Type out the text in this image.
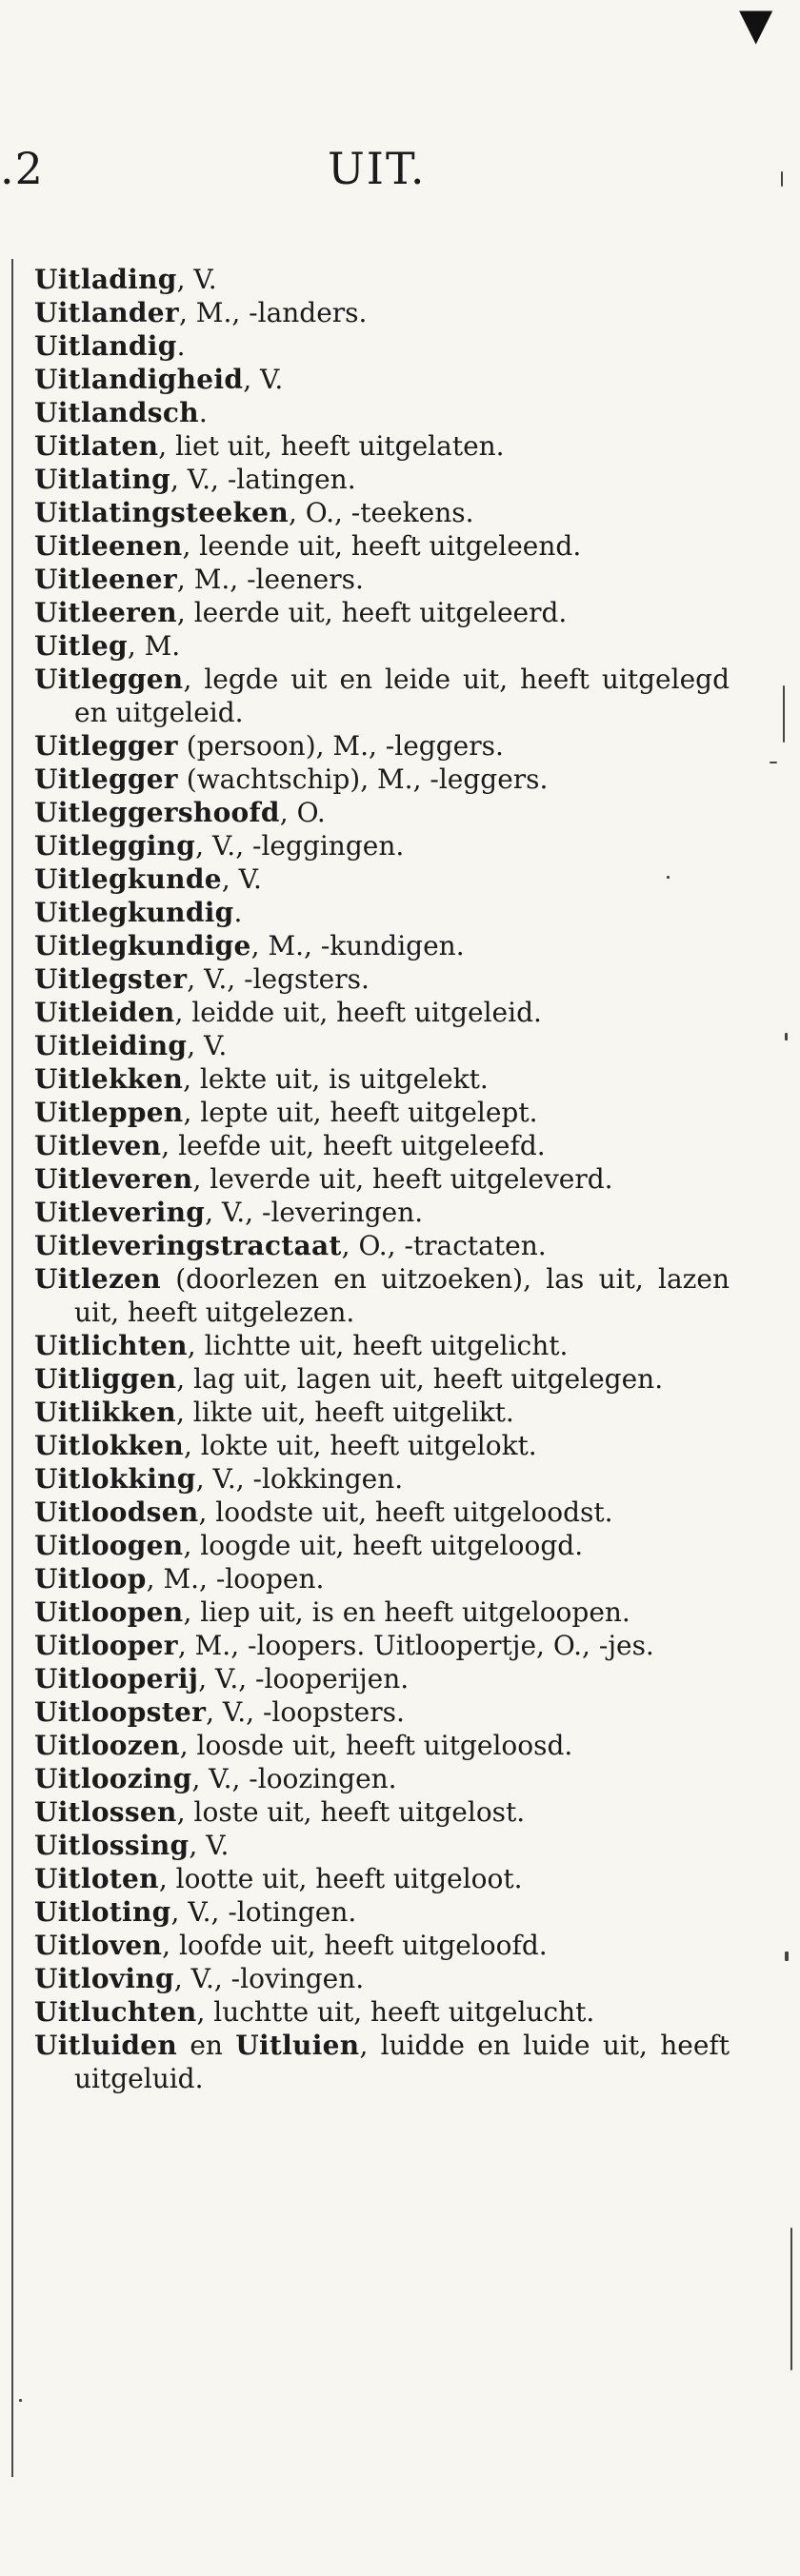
▼
.2	UIT.

Uitlading, V.

Uitlander, M., -landers.

Uitlandig.

Uitlandigheid, V.

Uitlandsch.

Uitlaten, liet uit, heeft uitgelaten.

Uitlating, V., -latingen.

Uitlatingsteeken, O., -teekens.

Uitleenen, leende uit, heeft uitgeleend.

Uitleener, M., -leeners.

Uitleeren, leerde uit, heeft uitgeleerd.

Uitleg, M.

Uitleggen, legde uit en leide uit, heeft uitgelegd en uitgeleid.

Uitlegger (persoon), M., -leggers.

Uitlegger (wachtschip), M., -leggers.

Uitleggershoofd, O.

Uitlegging, V., -leggingen.

Uitlegkunde, V.

Uitlegkundig.

Uitlegkundige, M., -kundigen.

Uitlegster, V., -legsters.

Uitleiden, leidde uit, heeft uitgeleid.

Uitleiding, V.

Uitlekken, lekte uit, is uitgelekt.

Uitleppen, lepte uit, heeft uitgelept.

Uitleven, leefde uit, heeft uitgeleefd.

Uitleveren, leverde uit, heeft uitgeleverd.

Uitlevering, V., -leveringen.

Uitleveringstractaat, O., -tractaten.

Uitlezen (doorlezen en uitzoeken), las uit, lazen uit, heeft uitgelezen.

Uitlichten, lichtte uit, heeft uitgelicht.

Uitliggen, lag uit, lagen uit, heeft uitgelegen.

Uitlikken, likte uit, heeft uitgelikt.

Uitlokken, lokte uit, heeft uitgelokt.

Uitlokking, V., -lokkingen.

Uitloodsen, loodste uit, heeft uitgeloodst.

Uitloogen, loogde uit, heeft uitgeloogd.

Uitloop, M., -loopen.

Uitloopen, liep uit, is en heeft uitgeloopen.

Uitlooper, M., -loopers. Uitloopertje, O., -jes.

Uitlooperij, V., -looperijen.

Uitloopster, V., -loopsters.

Uitloozen, loosde uit, heeft uitgeloosd.

Uitloozing, V., -loozingen.

Uitlossen, loste uit, heeft uitgelost.

Uitlossing, V.

Uitloten, lootte uit, heeft uitgeloot.

Uitloting, V., -lotingen.

Uitloven, loofde uit, heeft uitgeloofd.

Uitloving, V., -lovingen.

Uitluchten, luchtte uit, heeft uitgelucht.

Uitluiden en Uitluien, luidde en luide uit, heeft uitgeluid.
